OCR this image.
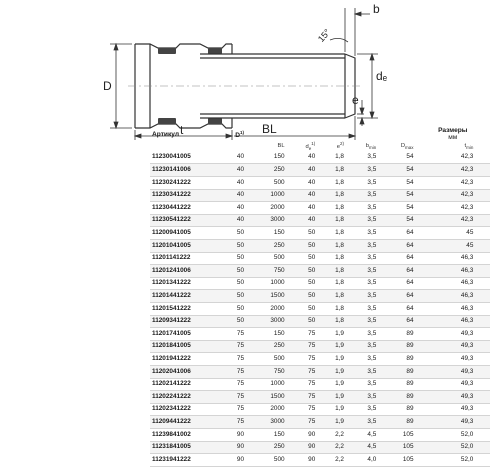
D
t	BL
b
15°
dₑ
e
Артикул	$D^{1)}$						Размеры
мм	

		BL	$d_e^{1)}$	$e^{2)}$	$b_{min}$	$D_{max}$	$t_{min}$	
11230041005	40	150	40	1,8	3,5	54	42,3	
11230141006	40	250	40	1,8	3,5	54	42,3	
11230241222	40	500	40	1,8	3,5	54	42,3	
11230341222	40	1000	40	1,8	3,5	54	42,3	
11230441222	40	2000	40	1,8	3,5	54	42,3	
11230541222	40	3000	40	1,8	3,5	54	42,3	
11200941005	50	150	50	1,8	3,5	64	45	
11201041005	50	250	50	1,8	3,5	64	45	
11201141222	50	500	50	1,8	3,5	64	46,3	
11201241006	50	750	50	1,8	3,5	64	46,3	
11201341222	50	1000	50	1,8	3,5	64	46,3	
11201441222	50	1500	50	1,8	3,5	64	46,3	
11201541222	50	2000	50	1,8	3,5	64	46,3	
11209341222	50	3000	50	1,8	3,5	64	46,3	
11201741005	75	150	75	1,9	3,5	89	49,3	
11201841005	75	250	75	1,9	3,5	89	49,3	
11201941222	75	500	75	1,9	3,5	89	49,3	
11202041006	75	750	75	1,9	3,5	89	49,3	
11202141222	75	1000	75	1,9	3,5	89	49,3	
11202241222	75	1500	75	1,9	3,5	89	49,3	
11202341222	75	2000	75	1,9	3,5	89	49,3	
11209441222	75	3000	75	1,9	3,5	89	49,3	
11239841002	90	150	90	2,2	4,5	105	52,0	
11231841005	90	250	90	2,2	4,5	105	52,0	
11231941222	90	500	90	2,2	4,0	105	52,0	
